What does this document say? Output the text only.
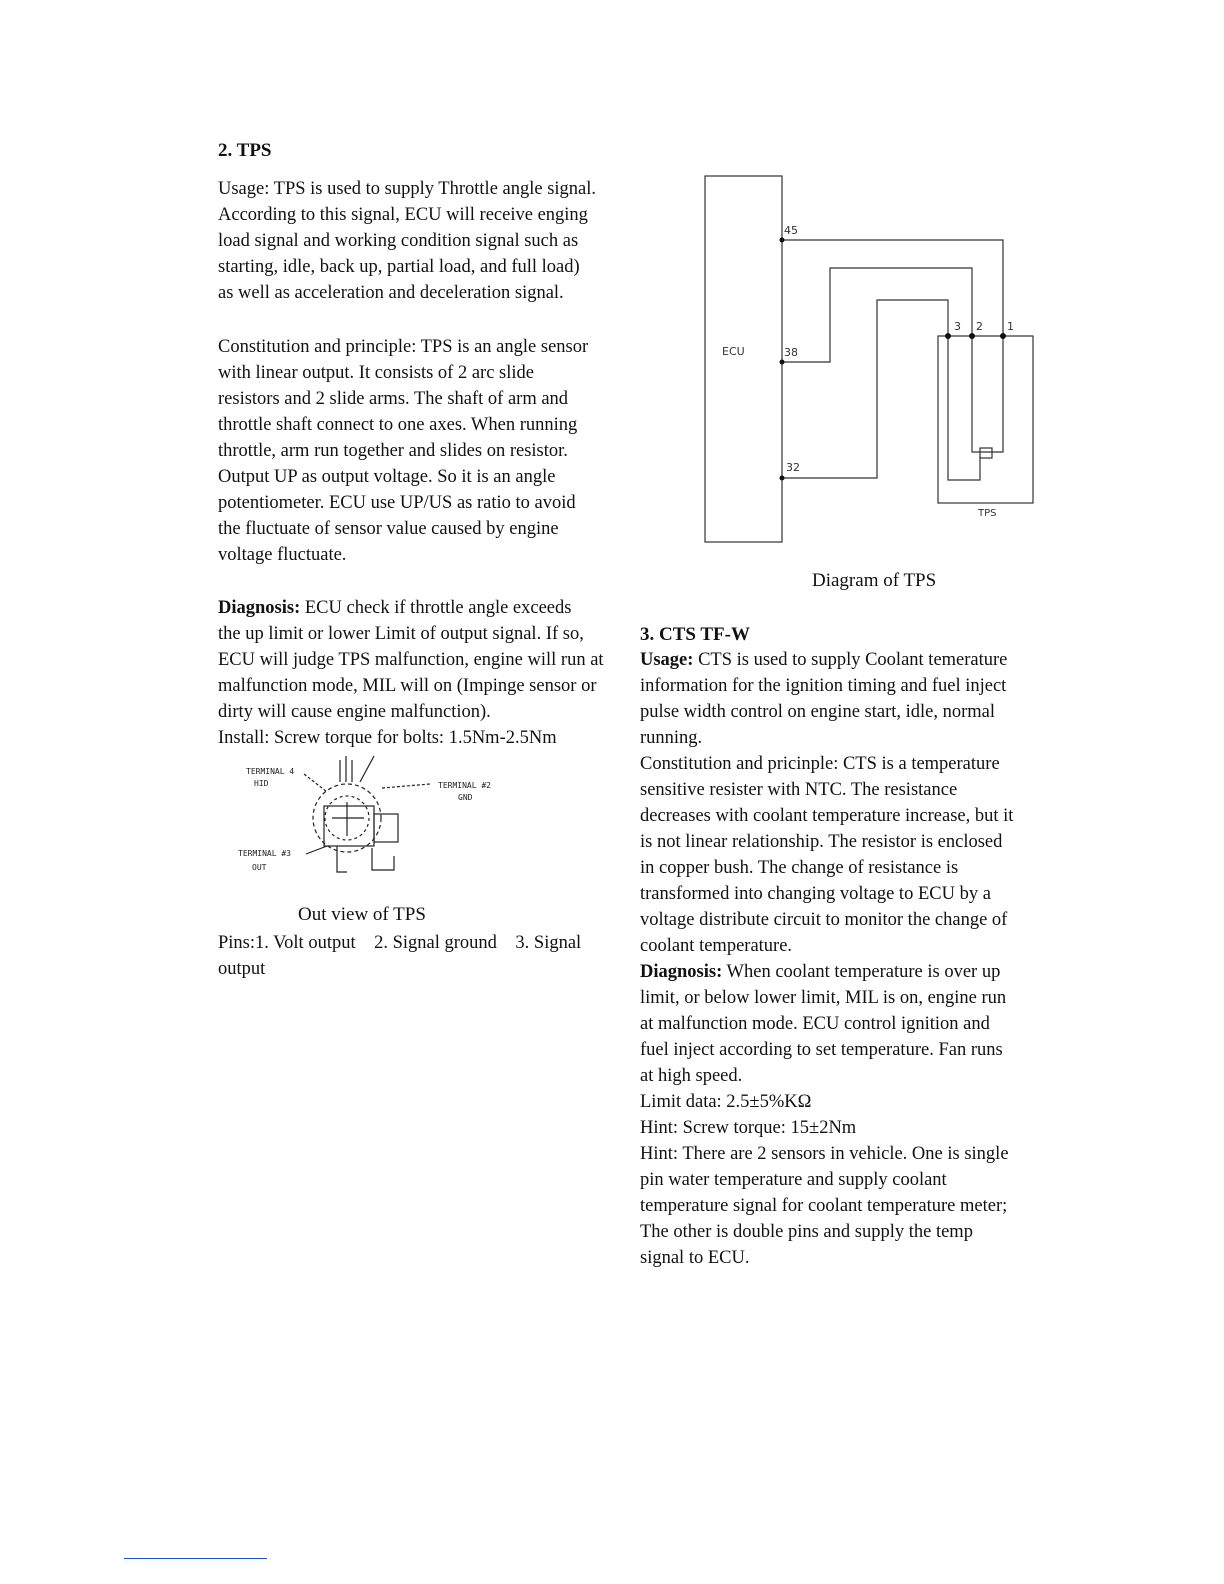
2. TPS
Usage: TPS is used to supply Throttle angle signal.
According to this signal, ECU will receive enging
load signal and working condition signal such as
starting, idle, back up, partial load, and full load)
as well as acceleration and deceleration signal.
Constitution and principle: TPS is an angle sensor
with linear output. It consists of 2 arc slide
resistors and 2 slide arms. The shaft of arm and
throttle shaft connect to one axes. When running
throttle, arm run together and slides on resistor.
Output UP as output voltage. So it is an angle
potentiometer. ECU use UP/US as ratio to avoid
the fluctuate of sensor value caused by engine
voltage fluctuate.
Diagnosis: ECU check if throttle angle exceeds
the up limit or lower Limit of output signal. If so,
ECU will judge TPS malfunction, engine will run at
malfunction mode, MIL will on (Impinge sensor or
dirty will cause engine malfunction).
Install: Screw torque for bolts: 1.5Nm-2.5Nm
TERMINAL 4
HID	TERMINAL #2
GND
TERMINAL #3
OUT
Out view of TPS
Pins:1. Volt output    2. Signal ground    3. Signal
output
ECU
45
38
32
3 2 1
TPS
Diagram of TPS
3. CTS TF-W
Usage: CTS is used to supply Coolant temerature
information for the ignition timing and fuel inject
pulse width control on engine start, idle, normal
running.
Constitution and pricinple: CTS is a temperature
sensitive resister with NTC. The resistance
decreases with coolant temperature increase, but it
is not linear relationship. The resistor is enclosed
in copper bush. The change of resistance is
transformed into changing voltage to ECU by a
voltage distribute circuit to monitor the change of
coolant temperature.
Diagnosis: When coolant temperature is over up
limit, or below lower limit, MIL is on, engine run
at malfunction mode. ECU control ignition and
fuel inject according to set temperature. Fan runs
at high speed.
Limit data: 2.5±5%KΩ
Hint: Screw torque: 15±2Nm
Hint: There are 2 sensors in vehicle. One is single
pin water temperature and supply coolant
temperature signal for coolant temperature meter;
The other is double pins and supply the temp
signal to ECU.
